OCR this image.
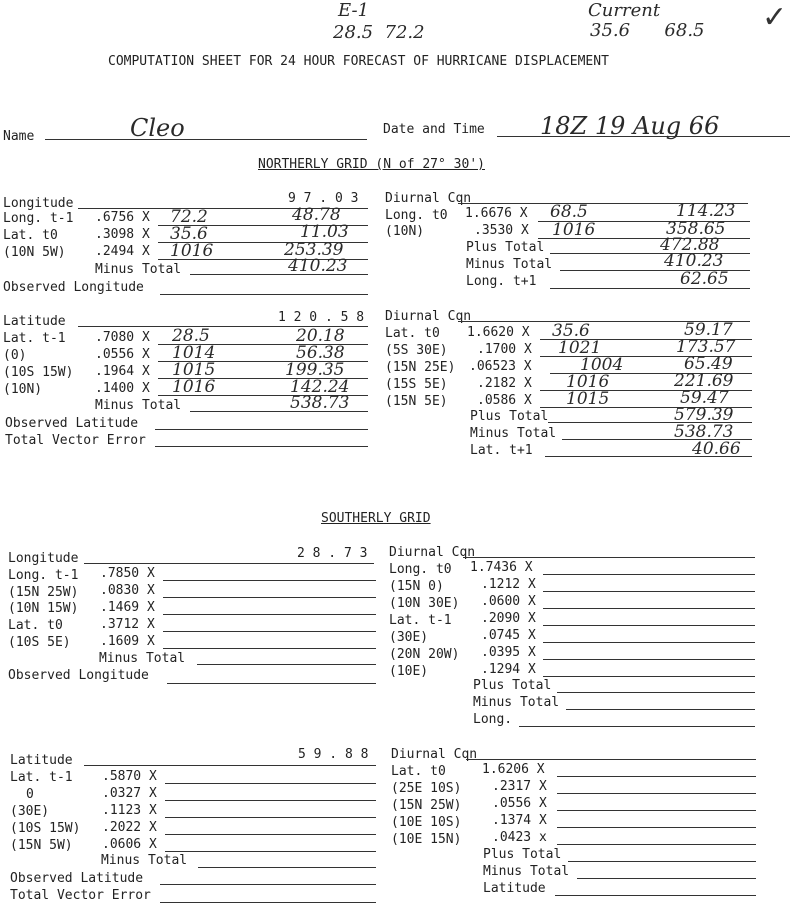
E-1
28.5  72.2
Current
35.6      68.5 ✓
COMPUTATION SHEET FOR 24 HOUR FORECAST OF HURRICANE DISPLACEMENT
Name	Cleo	Date and Time 18Z 19 Aug 66
NORTHERLY GRID (N of 27° 30')
Longitude	9 7 . 0 3
Long. t-1 .6756 X 72.2	48.78
Lat. t0	.3098 X 35.6	11.03
(10N 5W) .2494 X 1016	253.39
Minus Total	410.23
Observed Longitude
Diurnal Cqn
Long. t0 1.6676 X 68.5	114.23
(10N)	.3530 X 1016	358.65
Plus Total	472.88
Minus Total	410.23
Long. t+1	62.65
Latitude	1 2 0 . 5 8
Lat. t-1 .7080 X 28.5	20.18
(0)	.0556 X 1014	56.38
(10S 15W) .1964 X 1015	199.35
(10N)	.1400 X 1016	142.24
Minus Total	538.73
Observed Latitude
Total Vector Error
Diurnal Cqn
Lat. t0 1.6620 X 35.6	59.17
(5S 30E) .1700 X 1021	173.57
(15N 25E) .06523 X	1004	65.49
(15S 5E) .2182 X 1016	221.69
(15N 5E) .0586 X 1015	59.47
Plus Total	579.39
Minus Total	538.73
Lat. t+1	40.66
SOUTHERLY GRID
Longitude	2 8 . 7 3
Long. t-1 .7850 X
(15N 25W) .0830 X
(10N 15W) .1469 X
Lat. t0	.3712 X
(10S 5E) .1609 X
Minus Total
Observed Longitude
Diurnal Cqn
Long. t0 1.7436 X
(15N 0)	.1212 X
(10N 30E) .0600 X
Lat. t-1 .2090 X
(30E)	.0745 X
(20N 20W) .0395 X
(10E)	.1294 X
Plus Total
Minus Total
Long.
Latitude	5 9 . 8 8
Lat. t-1 .5870 X
0	.0327 X
(30E)	.1123 X
(10S 15W) .2022 X
(15N 5W) .0606 X
Minus Total
Observed Latitude
Total Vector Error
Diurnal Cqn
Lat. t0	1.6206 X
(25E 10S) .2317 X
(15N 25W) .0556 X
(10E 10S) .1374 X
(10E 15N) .0423 x
Plus Total
Minus Total
Latitude
